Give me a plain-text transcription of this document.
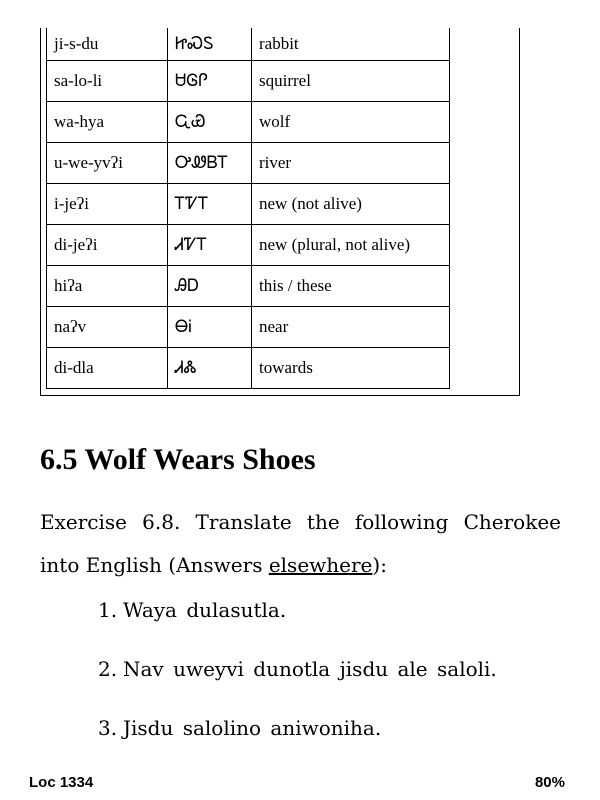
ji-s-du	ᏥᏍᏚ	rabbit
sa-lo-li	ᏌᎶᎵ	squirrel
wa-hya	ᏩᏯ	wolf
u-we-yvʔi	ᎤᏪᏴᎢ	river
i-jeʔi	ᎢᏤᎢ	new (not alive)
di-jeʔi	ᏗᏤᎢ	new (plural, not alive)
hiʔa	ᎯᎠ	this / these
naʔv	ᎾᎥ	near
di-dla	ᏗᏜ	towards
6.5 Wolf Wears Shoes
Exercise 6.8. Translate the following Cherokee
into English (Answers elsewhere):
1. Waya dulasutla.
2. Nav uweyvi dunotla jisdu ale saloli.
3. Jisdu salolino aniwoniha.
Loc 1334	80%
